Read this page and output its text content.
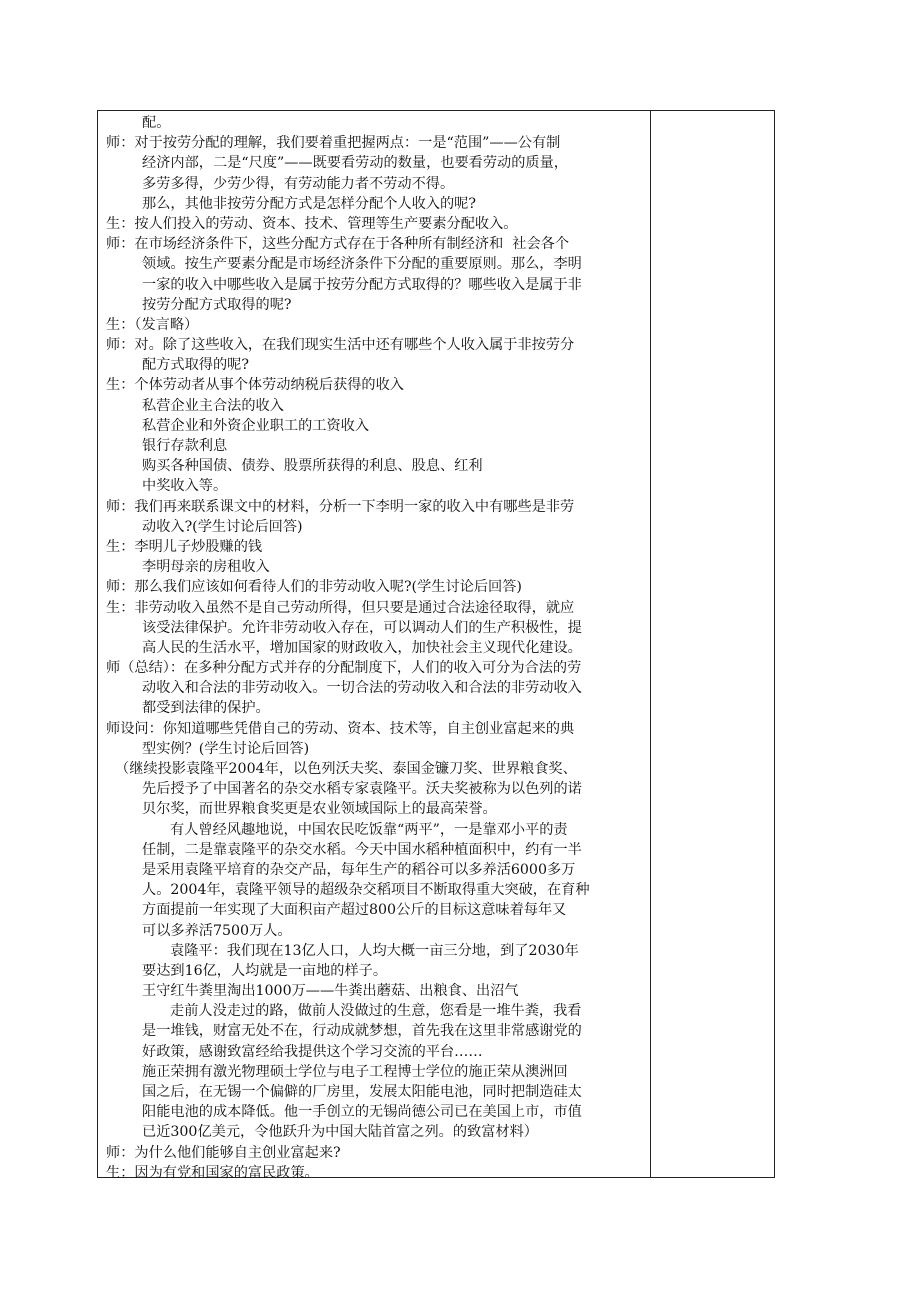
配。
师：对于按劳分配的理解，我们要着重把握两点：一是“范围”——公有制
经济内部，二是“尺度”——既要看劳动的数量，也要看劳动的质量，
多劳多得，少劳少得，有劳动能力者不劳动不得。
那么，其他非按劳分配方式是怎样分配个人收入的呢?
生：按人们投入的劳动、资本、技术、管理等生产要素分配收入。
师：在市场经济条件下，这些分配方式存在于各种所有制经济和  社会各个
领域。按生产要素分配是市场经济条件下分配的重要原则。那么，李明
一家的收入中哪些收入是属于按劳分配方式取得的？哪些收入是属于非
按劳分配方式取得的呢?
生：（发言略）
师：对。除了这些收入，在我们现实生活中还有哪些个人收入属于非按劳分
配方式取得的呢?
生：个体劳动者从事个体劳动纳税后获得的收入
私营企业主合法的收入
私营企业和外资企业职工的工资收入
银行存款利息
购买各种国债、债券、股票所获得的利息、股息、红利
中奖收入等。
师：我们再来联系课文中的材料，分析一下李明一家的收入中有哪些是非劳
动收入?(学生讨论后回答)
生：李明儿子炒股赚的钱
李明母亲的房租收入
师：那么我们应该如何看待人们的非劳动收入呢?(学生讨论后回答)
生：非劳动收入虽然不是自己劳动所得，但只要是通过合法途径取得，就应
该受法律保护。允许非劳动收入存在，可以调动人们的生产积极性，提
高人民的生活水平，增加国家的财政收入，加快社会主义现代化建设。
师（总结）：在多种分配方式并存的分配制度下，人们的收入可分为合法的劳
动收入和合法的非劳动收入。一切合法的劳动收入和合法的非劳动收入
都受到法律的保护。
师设问：你知道哪些凭借自己的劳动、资本、技术等，自主创业富起来的典
型实例？(学生讨论后回答)
（继续投影袁隆平2004年，以色列沃夫奖、泰国金镰刀奖、世界粮食奖、
先后授予了中国著名的杂交水稻专家袁隆平。沃夫奖被称为以色列的诺
贝尔奖，而世界粮食奖更是农业领域国际上的最高荣誉。
有人曾经风趣地说，中国农民吃饭靠“两平”，一是靠邓小平的责
任制，二是靠袁隆平的杂交水稻。今天中国水稻种植面积中，约有一半
是采用袁隆平培育的杂交产品，每年生产的稻谷可以多养活6000多万
人。2004年，袁隆平领导的超级杂交稻项目不断取得重大突破，在育种
方面提前一年实现了大面积亩产超过800公斤的目标这意味着每年又
可以多养活7500万人。
袁隆平：我们现在13亿人口，人均大概一亩三分地，到了2030年
要达到16亿，人均就是一亩地的样子。
王守红牛粪里淘出1000万——牛粪出蘑菇、出粮食、出沼气
走前人没走过的路，做前人没做过的生意，您看是一堆牛粪，我看
是一堆钱，财富无处不在，行动成就梦想，首先我在这里非常感谢党的
好政策，感谢致富经给我提供这个学习交流的平台……
施正荣拥有激光物理硕士学位与电子工程博士学位的施正荣从澳洲回
国之后，在无锡一个偏僻的厂房里，发展太阳能电池，同时把制造硅太
阳能电池的成本降低。他一手创立的无锡尚德公司已在美国上市，市值
已近300亿美元，令他跃升为中国大陆首富之列。的致富材料）
师：为什么他们能够自主创业富起来?
生：因为有党和国家的富民政策。
